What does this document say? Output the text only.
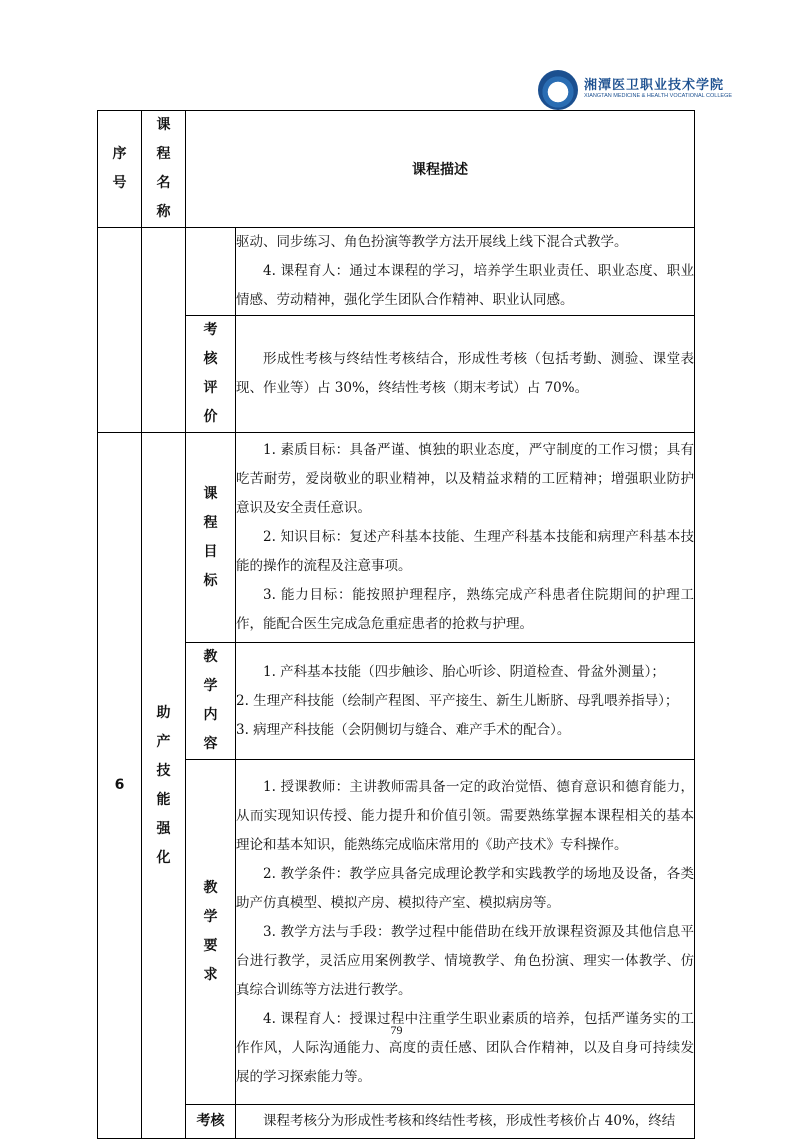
湘潭医卫职业技术学院
XIANGTAN MEDICINE & HEALTH VOCATIONAL COLLEGE
序号	课程名称	课程描述	

			驱动、同步练习、角色扮演等教学方法开展线上线下混合式教学。

4. 课程育人：通过本课程的学习，培养学生职业责任、职业态度、职业情感、劳动精神，强化学生团队合作精神、职业认同感。

		考核评价	形成性考核与终结性考核结合，形成性考核（包括考勤、测验、课堂表现、作业等）占 30%，终结性考核（期末考试）占 70%。
6	助产技能强化	课程目标	1. 素质目标：具备严谨、慎独的职业态度，严守制度的工作习惯；具有吃苦耐劳，爱岗敬业的职业精神，以及精益求精的工匠精神；增强职业防护意识及安全责任意识。

2. 知识目标：复述产科基本技能、生理产科基本技能和病理产科基本技能的操作的流程及注意事项。

3. 能力目标：能按照护理程序，熟练完成产科患者住院期间的护理工作，能配合医生完成急危重症患者的抢救与护理。

		教学内容	1. 产科基本技能（四步触诊、胎心听诊、阴道检查、骨盆外测量）；

2. 生理产科技能（绘制产程图、平产接生、新生儿断脐、母乳喂养指导）；

3. 病理产科技能（会阴侧切与缝合、难产手术的配合）。

		教学要求	1. 授课教师：主讲教师需具备一定的政治觉悟、德育意识和德育能力，从而实现知识传授、能力提升和价值引领。需要熟练掌握本课程相关的基本理论和基本知识，能熟练完成临床常用的《助产技术》专科操作。

2. 教学条件：教学应具备完成理论教学和实践教学的场地及设备，各类助产仿真模型、模拟产房、模拟待产室、模拟病房等。

3. 教学方法与手段：教学过程中能借助在线开放课程资源及其他信息平台进行教学，灵活应用案例教学、情境教学、角色扮演、理实一体教学、仿真综合训练等方法进行教学。

4. 课程育人：授课过程中注重学生职业素质的培养，包括严谨务实的工作作风，人际沟通能力、高度的责任感、团队合作精神，以及自身可持续发展的学习探索能力等。

		考核	课程考核分为形成性考核和终结性考核，形成性考核价占 40%，终结
79
